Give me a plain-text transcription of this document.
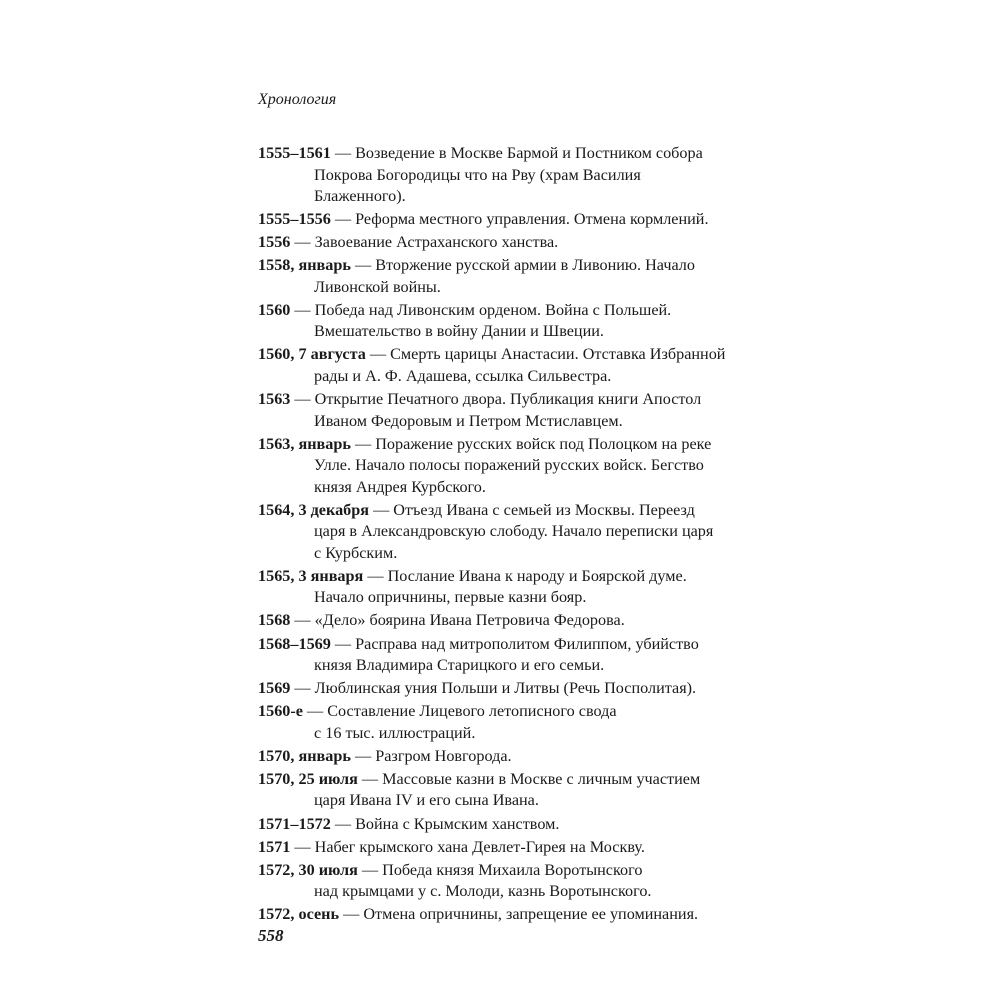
Хронология
1555–1561 — Возведение в Москве Бармой и Постником собора
Покрова Богородицы что на Рву (храм Василия
Блаженного).
1555–1556 — Реформа местного управления. Отмена кормлений.
1556 — Завоевание Астраханского ханства.
1558, январь — Вторжение русской армии в Ливонию. Начало
Ливонской войны.
1560 — Победа над Ливонским орденом. Война с Польшей.
Вмешательство в войну Дании и Швеции.
1560, 7 августа — Смерть царицы Анастасии. Отставка Избранной
рады и А. Ф. Адашева, ссылка Сильвестра.
1563 — Открытие Печатного двора. Публикация книги Апостол
Иваном Федоровым и Петром Мстиславцем.
1563, январь — Поражение русских войск под Полоцком на реке
Улле. Начало полосы поражений русских войск. Бегство
князя Андрея Курбского.
1564, 3 декабря — Отъезд Ивана с семьей из Москвы. Переезд
царя в Александровскую слободу. Начало переписки царя
с Курбским.
1565, 3 января — Послание Ивана к народу и Боярской думе.
Начало опричнины, первые казни бояр.
1568 — «Дело» боярина Ивана Петровича Федорова.
1568–1569 — Расправа над митрополитом Филиппом, убийство
князя Владимира Старицкого и его семьи.
1569 — Люблинская уния Польши и Литвы (Речь Посполитая).
1560-е — Составление Лицевого летописного свода
с 16 тыс. иллюстраций.
1570, январь — Разгром Новгорода.
1570, 25 июля — Массовые казни в Москве с личным участием
царя Ивана IV и его сына Ивана.
1571–1572 — Война с Крымским ханством.
1571 — Набег крымского хана Девлет-Гирея на Москву.
1572, 30 июля — Победа князя Михаила Воротынского
над крымцами у с. Молоди, казнь Воротынского.
1572, осень — Отмена опричнины, запрещение ее упоминания.
558
